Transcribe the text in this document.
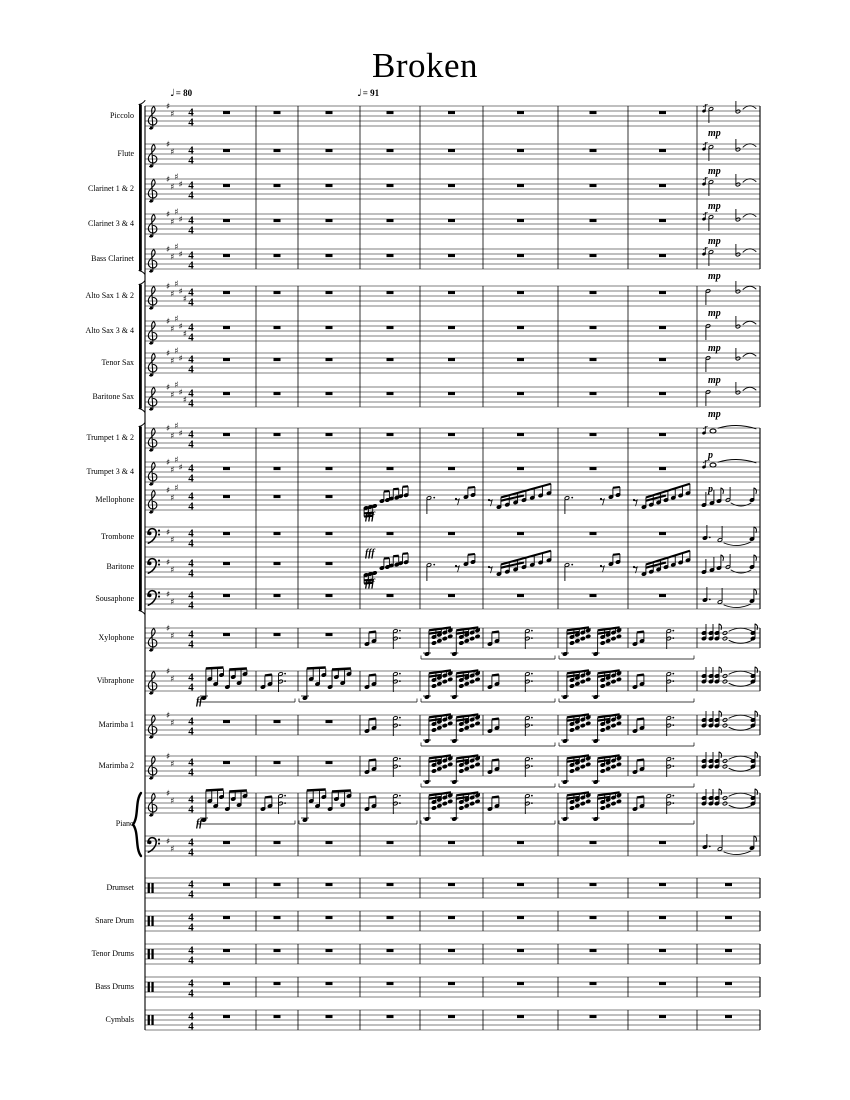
Broken
♯
♯ 4
4
♯
♯ 4
4
♯
♯
♯
♯ 4
4
♯
♯
♯
♯ 4
4
♯
♯
♯
♯ 4
4
♯
♯
♯
♯
♯
4
4
♯
♯
♯
♯
♯
4
4
♯
♯
♯
♯ 4
4
♯
♯
♯
♯
♯
4
4
♯
♯
♯
♯ 4
4
♯
♯
♯
♯ 4
4
♯
♯
♯
4
4
♯
♯
4
4
♯
♯
4
4
♯
♯
4
4
♯
♯ 4
4
♯
♯ 4
4
♯
♯ 4
4
♯
♯ 4
4
♯
♯ 4
4
♯
♯
4
4
4
4
4
4
4
4
4
4
4
4
Piccolo
Flute
Clarinet 1 & 2
Clarinet 3 & 4
Bass Clarinet
Alto Sax 1 & 2
Alto Sax 3 & 4
Tenor Sax
Baritone Sax
Trumpet 1 & 2
Trumpet 3 & 4
Mellophone
Trombone
Baritone
Sousaphone
Xylophone
Vibraphone
Marimba 1
Marimba 2
Piano
Drumset
Snare Drum
Tenor Drums
Bass Drums
Cymbals
♩= 80	♩= 91
mp
mp
mp
mp
mp
mp
mp
mp
mp
p
p
fff
fff
fff
ff
ff
